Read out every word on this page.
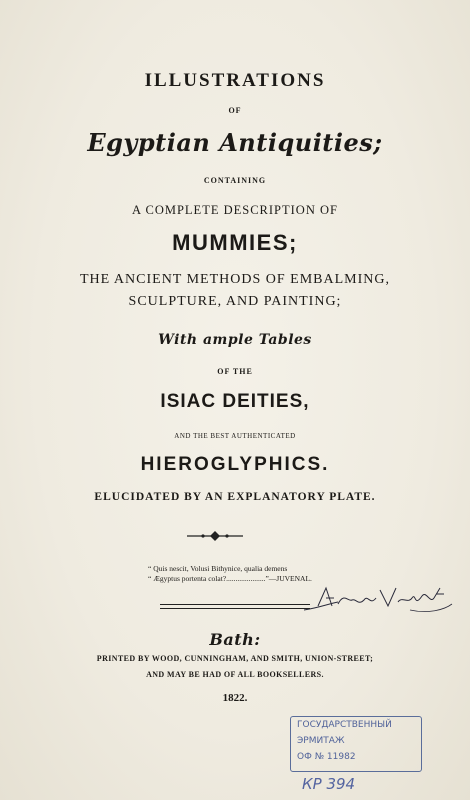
ILLUSTRATIONS
OF
Egyptian Antiquities;
CONTAINING
A COMPLETE DESCRIPTION OF
MUMMIES;
THE ANCIENT METHODS OF EMBALMING,
SCULPTURE, AND PAINTING;
With ample Tables
OF THE
ISIAC DEITIES,
AND THE BEST AUTHENTICATED
HIEROGLYPHICS.
ELUCIDATED BY AN EXPLANATORY PLATE.
“ Quis nescit, Volusi Bithynice, qualia demens
“ Ægyptus portenta colat?.....................”—JUVENAL.
Bath:
PRINTED BY WOOD, CUNNINGHAM, AND SMITH, UNION-STREET;
AND MAY BE HAD OF ALL BOOKSELLERS.
1822.
ГОСУДАРСТВЕННЫЙ
ЭРМИТАЖ
ОФ № 11982
КР 394
